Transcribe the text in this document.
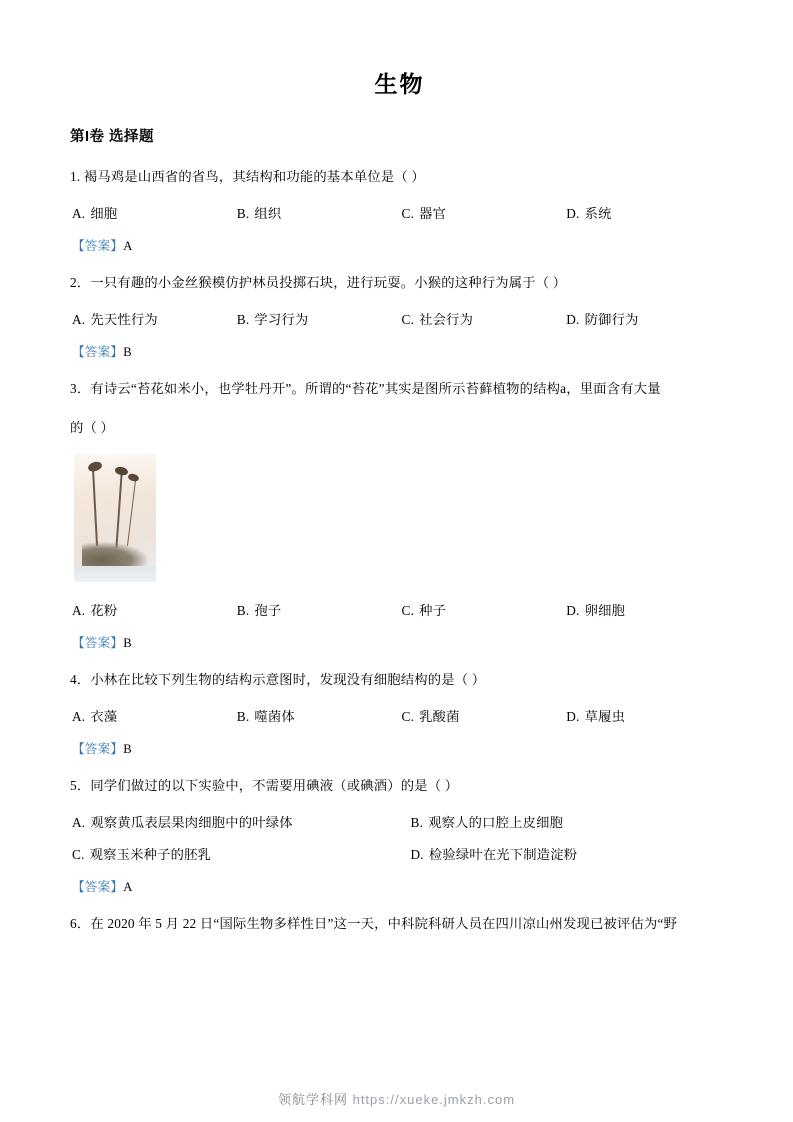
生物
第I卷 选择题
1. 褐马鸡是山西省的省鸟，其结构和功能的基本单位是（ ）
A. 细胞	B. 组织	C. 器官	D. 系统
【答案】A
2．一只有趣的小金丝猴模仿护林员投掷石块，进行玩耍。小猴的这种行为属于（ ）
A. 先天性行为	B. 学习行为	C. 社会行为	D. 防御行为
【答案】B
3．有诗云“苔花如米小，也学牡丹开”。所谓的“苔花”其实是图所示苔藓植物的结构a，里面含有大量
的（ ）
A. 花粉	B. 孢子	C. 种子	D. 卵细胞
【答案】B
4．小林在比较下列生物的结构示意图时，发现没有细胞结构的是（ ）
A. 衣藻	B. 噬菌体	C. 乳酸菌	D. 草履虫
【答案】B
5．同学们做过的以下实验中，不需要用碘液（或碘酒）的是（ ）
A. 观察黄瓜表层果肉细胞中的叶绿体	B. 观察人的口腔上皮细胞
C. 观察玉米种子的胚乳	D. 检验绿叶在光下制造淀粉
【答案】A
6．在 2020 年 5 月 22 日“国际生物多样性日”这一天，中科院科研人员在四川凉山州发现已被评估为“野
领航学科网 https://xueke.jmkzh.com
